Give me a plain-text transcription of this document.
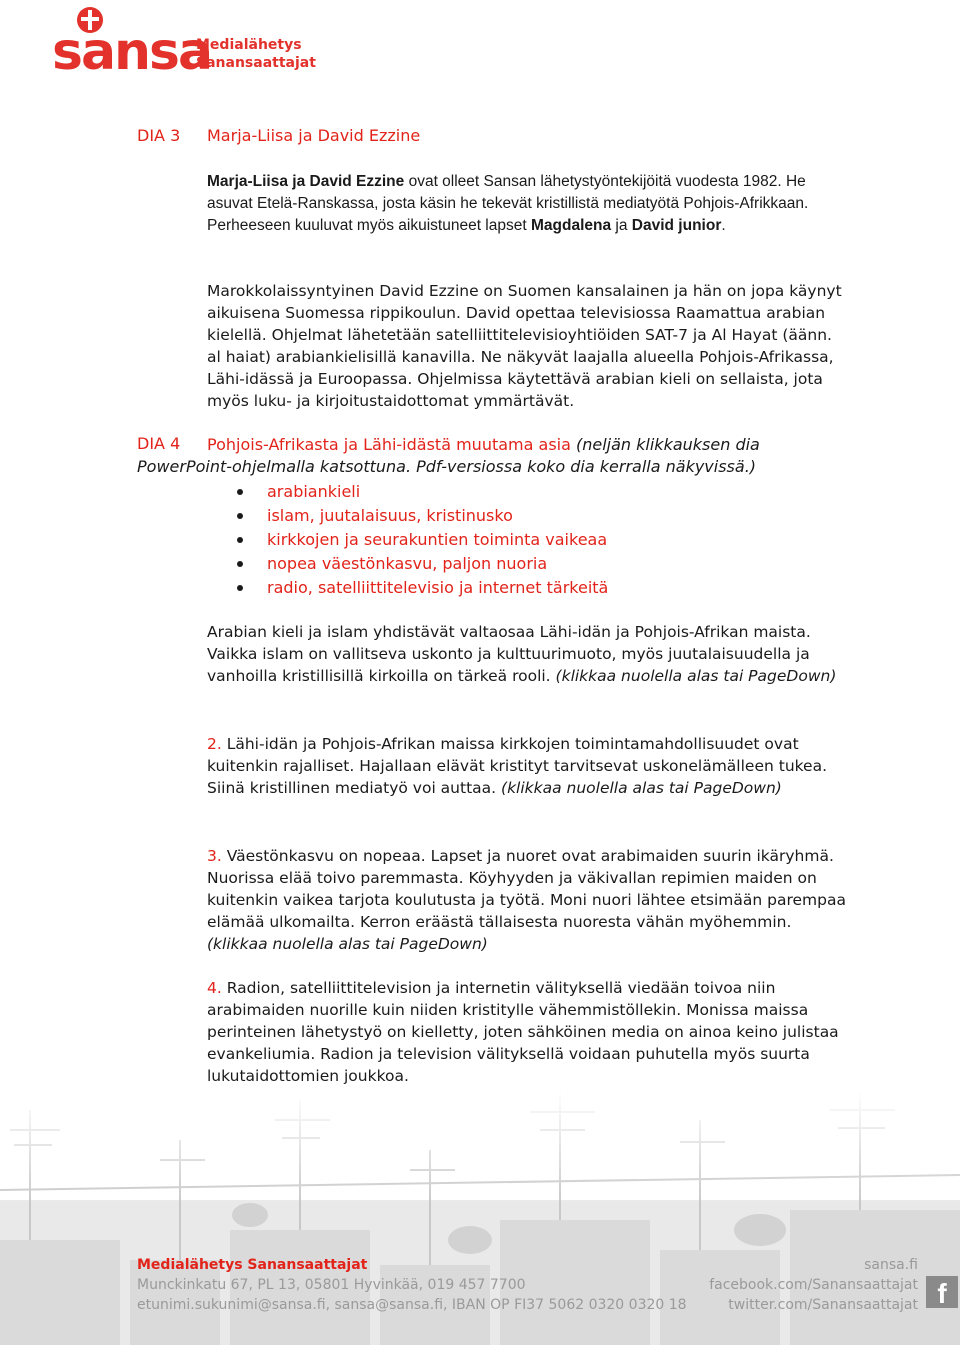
sansa
Medialähetys
Sanansaattajat
DIA 3 Marja-Liisa ja David Ezzine

Marja-Liisa ja David Ezzine ovat olleet Sansan lähetystyöntekijöitä vuodesta 1982. He asuvat Etelä-Ranskassa, josta käsin he tekevät kristillistä mediatyötä Pohjois-Afrikkaan. Perheeseen kuuluvat myös aikuistuneet lapset Magdalena ja David junior.

Marokkolaissyntyinen David Ezzine on Suomen kansalainen ja hän on jopa käynyt aikuisena Suomessa rippikoulun. David opettaa televisiossa Raamattua arabian kielellä. Ohjelmat lähetetään satelliittitelevisioyhtiöiden SAT-7 ja Al Hayat (äänn. al haiat) arabiankielisillä kanavilla. Ne näkyvät laajalla alueella Pohjois-Afrikassa, Lähi-idässä ja Euroopassa. Ohjelmissa käytettävä arabian kieli on sellaista, jota myös luku- ja kirjoitustaidottomat ymmärtävät.

DIA 4	Pohjois-Afrikasta ja Lähi-idästä muutama asia (neljän klikkauksen dia
PowerPoint-ohjelmalla katsottuna. Pdf-versiossa koko dia kerralla näkyvissä.)
arabiankieli
islam, juutalaisuus, kristinusko
kirkkojen ja seurakuntien toiminta vaikeaa
nopea väestönkasvu, paljon nuoria
radio, satelliittitelevisio ja internet tärkeitä

Arabian kieli ja islam yhdistävät valtaosaa Lähi-idän ja Pohjois-Afrikan maista. Vaikka islam on vallitseva uskonto ja kulttuurimuoto, myös juutalaisuudella ja vanhoilla kristillisillä kirkoilla on tärkeä rooli. (klikkaa nuolella alas tai PageDown)

2. Lähi-idän ja Pohjois-Afrikan maissa kirkkojen toimintamahdollisuudet ovat kuitenkin rajalliset. Hajallaan elävät kristityt tarvitsevat uskonelämälleen tukea. Siinä kristillinen mediatyö voi auttaa. (klikkaa nuolella alas tai PageDown)

3. Väestönkasvu on nopeaa. Lapset ja nuoret ovat arabimaiden suurin ikäryhmä. Nuorissa elää toivo paremmasta. Köyhyyden ja väkivallan repimien maiden on kuitenkin vaikea tarjota koulutusta ja työtä. Moni nuori lähtee etsimään parempaa elämää ulkomailta. Kerron eräästä tällaisesta nuoresta vähän myöhemmin. (klikkaa nuolella alas tai PageDown)

4. Radion, satelliittitelevision ja internetin välityksellä viedään toivoa niin arabimaiden nuorille kuin niiden kristitylle vähemmistöllekin. Monissa maissa perinteinen lähetystyö on kielletty, joten sähköinen media on ainoa keino julistaa evankeliumia. Radion ja television välityksellä voidaan puhutella myös suurta lukutaidottomien joukkoa.

Medialähetys Sanansaattajat
Munckinkatu 67, PL 13, 05801 Hyvinkää, 019 457 7700
etunimi.sukunimi@sansa.fi, sansa@sansa.fi, IBAN OP FI37 5062 0320 0320 18
sansa.fi
facebook.com/Sanansaattajat
twitter.com/Sanansaattajat f
